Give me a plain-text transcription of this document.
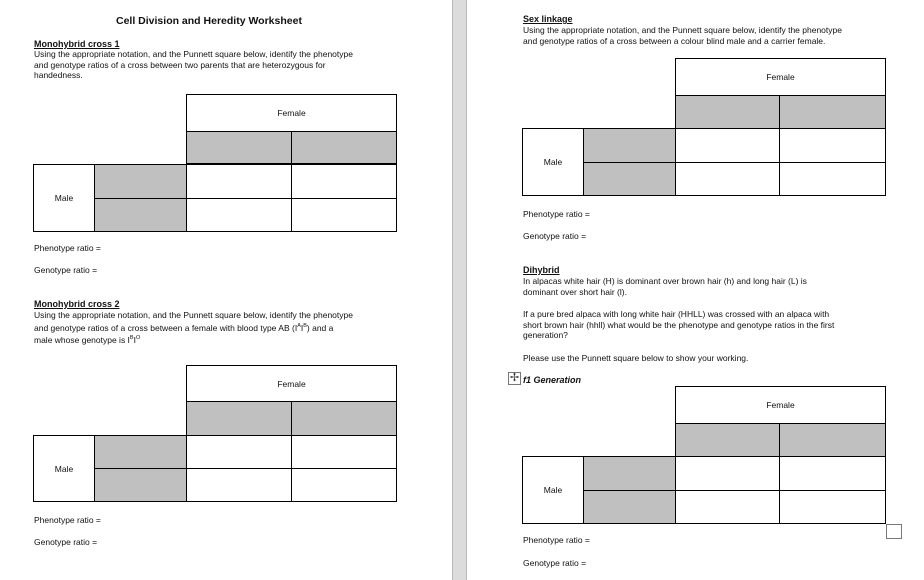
Cell Division and Heredity Worksheet
Monohybrid cross 1
Using the appropriate notation, and the Punnett square below, identify the phenotype
and genotype ratios of a cross between two parents that are heterozygous for
handedness.
Female
Male
Phenotype ratio =
Genotype ratio =
Monohybrid cross 2
Using the appropriate notation, and the Punnett square below, identify the phenotype
and genotype ratios of a cross between a female with blood type AB $(I^AI^B)$ and a
male whose genotype is $I^BI^O$
Female
Male
Phenotype ratio =
Genotype ratio =
Sex linkage
Using the appropriate notation, and the Punnett square below, identify the phenotype
and genotype ratios of a cross between a colour blind male and a carrier female.
Female
Male
Phenotype ratio =
Genotype ratio =
Dihybrid
In alpacas white hair (H) is dominant over brown hair (h) and long hair (L) is
dominant over short hair (l).
If a pure bred alpaca with long white hair (HHLL) was crossed with an alpaca with
short brown hair (hhll) what would be the phenotype and genotype ratios in the first
generation?
Please use the Punnett square below to show your working.
✢ f1 Generation
Female
Male
Phenotype ratio =
Genotype ratio =
